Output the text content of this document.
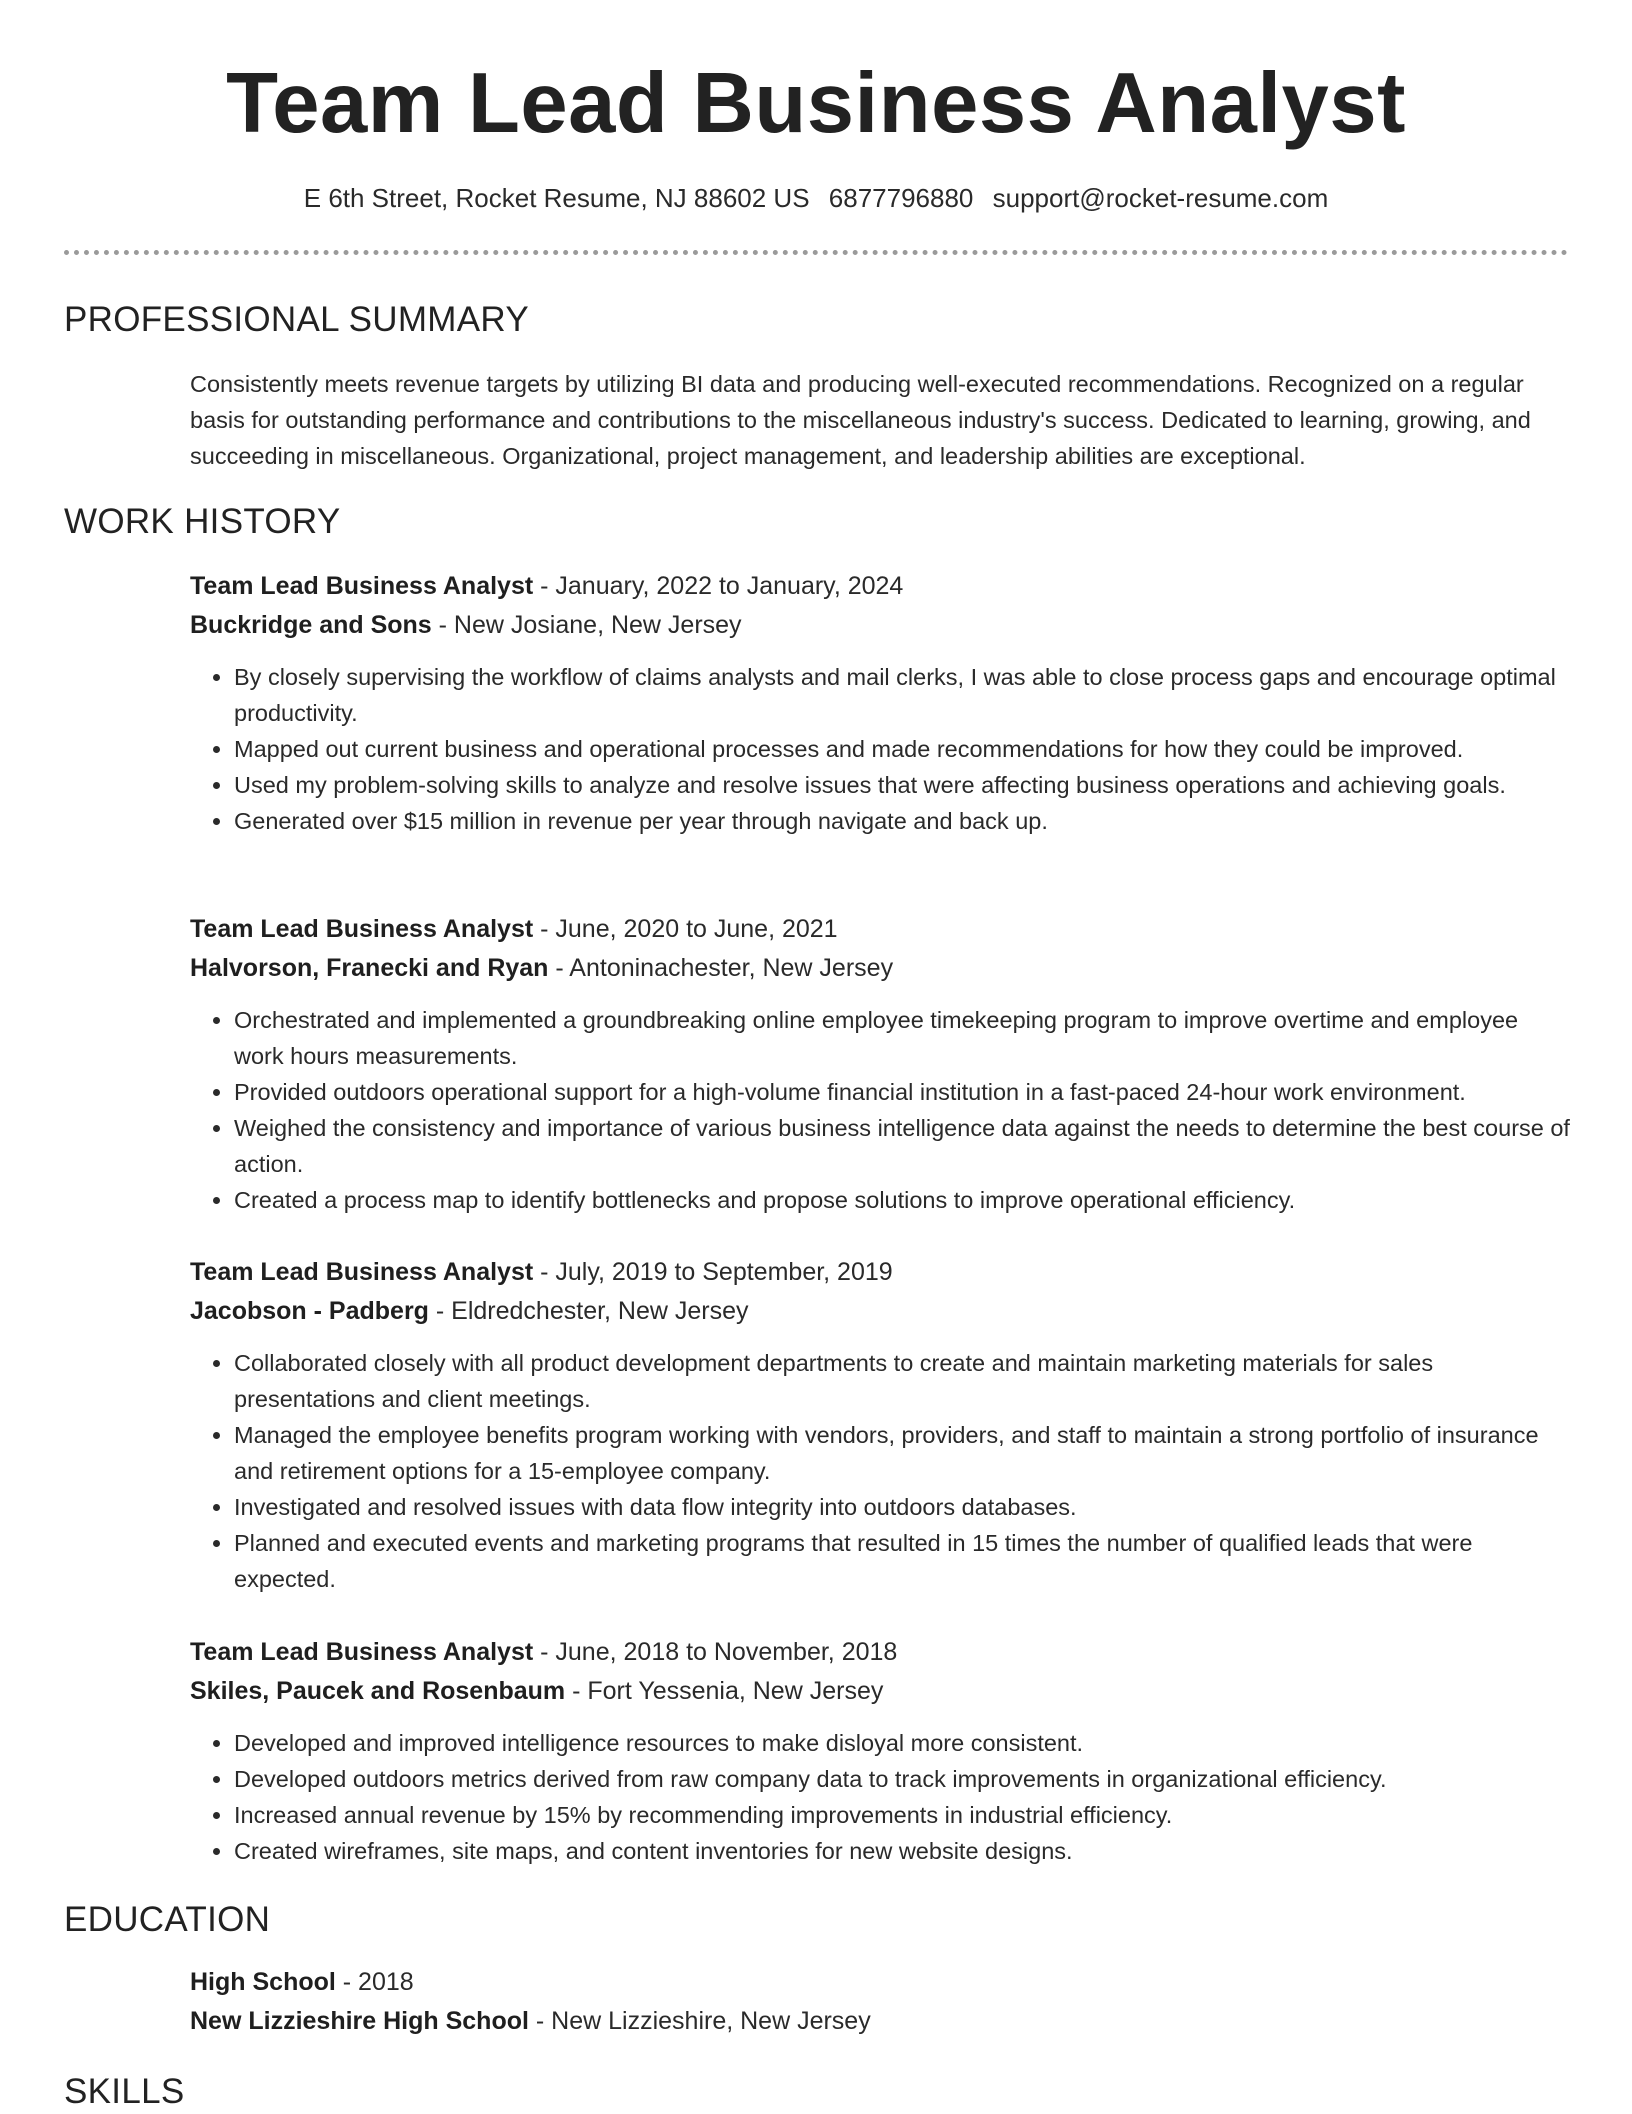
Team Lead Business Analyst
E 6th Street, Rocket Resume, NJ 88602 US 6877796880 support@rocket-resume.com
PROFESSIONAL SUMMARY

Consistently meets revenue targets by utilizing BI data and producing well-executed recommendations. Recognized on a regular basis for outstanding performance and contributions to the miscellaneous industry's success. Dedicated to learning, growing, and succeeding in miscellaneous. Organizational, project management, and leadership abilities are exceptional.

WORK HISTORY
Team Lead Business Analyst - January, 2022 to January, 2024
Buckridge and Sons - New Josiane, New Jersey
• By closely supervising the workflow of claims analysts and mail clerks, I was able to close process gaps and encourage optimal productivity.
• Mapped out current business and operational processes and made recommendations for how they could be improved.
• Used my problem-solving skills to analyze and resolve issues that were affecting business operations and achieving goals.
• Generated over $15 million in revenue per year through navigate and back up.
Team Lead Business Analyst - June, 2020 to June, 2021
Halvorson, Franecki and Ryan - Antoninachester, New Jersey
• Orchestrated and implemented a groundbreaking online employee timekeeping program to improve overtime and employee work hours measurements.
• Provided outdoors operational support for a high-volume financial institution in a fast-paced 24-hour work environment.
• Weighed the consistency and importance of various business intelligence data against the needs to determine the best course of action.
• Created a process map to identify bottlenecks and propose solutions to improve operational efficiency.
Team Lead Business Analyst - July, 2019 to September, 2019
Jacobson - Padberg - Eldredchester, New Jersey
• Collaborated closely with all product development departments to create and maintain marketing materials for sales presentations and client meetings.
• Managed the employee benefits program working with vendors, providers, and staff to maintain a strong portfolio of insurance and retirement options for a 15-employee company.
• Investigated and resolved issues with data flow integrity into outdoors databases.
• Planned and executed events and marketing programs that resulted in 15 times the number of qualified leads that were expected.
Team Lead Business Analyst - June, 2018 to November, 2018
Skiles, Paucek and Rosenbaum - Fort Yessenia, New Jersey
• Developed and improved intelligence resources to make disloyal more consistent.
• Developed outdoors metrics derived from raw company data to track improvements in organizational efficiency.
• Increased annual revenue by 15% by recommending improvements in industrial efficiency.
• Created wireframes, site maps, and content inventories for new website designs.
EDUCATION
High School - 2018
New Lizzieshire High School - New Lizzieshire, New Jersey
SKILLS
